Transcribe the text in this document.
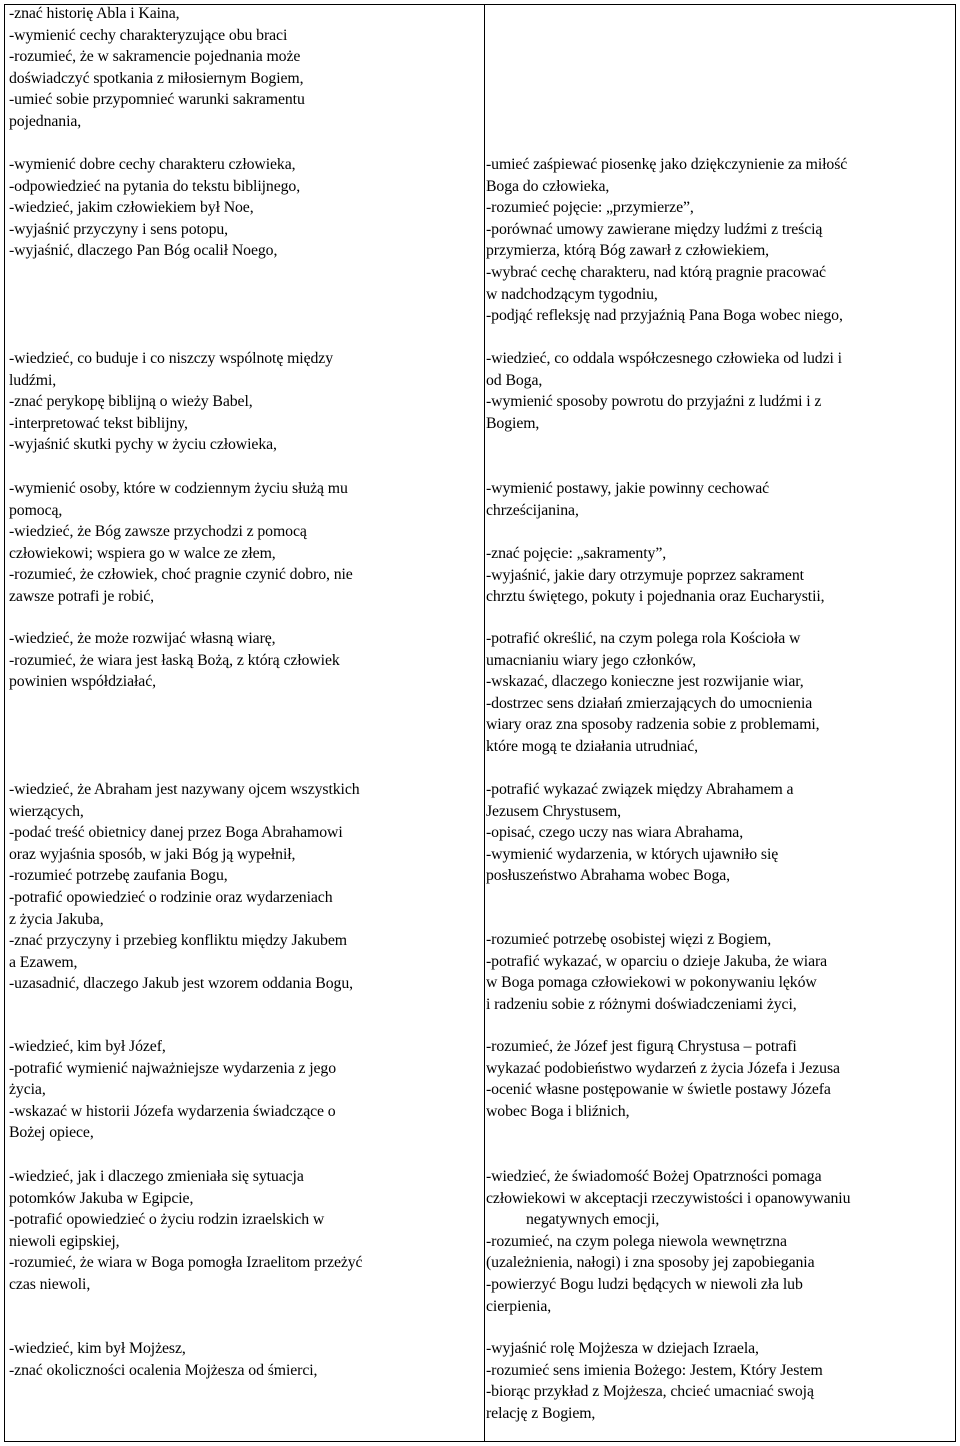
-znać historię Abla i Kaina,
-wymienić cechy charakteryzujące obu braci
-rozumieć, że w sakramencie pojednania może
doświadczyć spotkania z miłosiernym Bogiem,
-umieć sobie przypomnieć warunki sakramentu
pojednania,
-wymienić dobre cechy charakteru człowieka,
-odpowiedzieć na pytania do tekstu biblijnego,
-wiedzieć, jakim człowiekiem był Noe,
-wyjaśnić przyczyny i sens potopu,
-wyjaśnić, dlaczego Pan Bóg ocalił Noego,
-wiedzieć, co buduje i co niszczy wspólnotę między
ludźmi,
-znać perykopę biblijną o wieży Babel,
-interpretować tekst biblijny,
-wyjaśnić skutki pychy w życiu człowieka,
-wymienić osoby, które w codziennym życiu służą mu
pomocą,
-wiedzieć, że Bóg zawsze przychodzi z pomocą
człowiekowi; wspiera go w walce ze złem,
-rozumieć, że człowiek, choć pragnie czynić dobro, nie
zawsze potrafi je robić,
-wiedzieć, że może rozwijać własną wiarę,
-rozumieć, że wiara jest łaską Bożą, z którą człowiek
powinien współdziałać,
-wiedzieć, że Abraham jest nazywany ojcem wszystkich
wierzących,
-podać treść obietnicy danej przez Boga Abrahamowi
oraz wyjaśnia sposób, w jaki Bóg ją wypełnił,
-rozumieć potrzebę zaufania Bogu,
-potrafić opowiedzieć o rodzinie oraz wydarzeniach
z życia Jakuba,
-znać przyczyny i przebieg konfliktu między Jakubem
a Ezawem,
-uzasadnić, dlaczego Jakub jest wzorem oddania Bogu,
-wiedzieć, kim był Józef,
-potrafić wymienić najważniejsze wydarzenia z jego
życia,
-wskazać w historii Józefa wydarzenia świadczące o
Bożej opiece,
-wiedzieć, jak i dlaczego zmieniała się sytuacja
potomków Jakuba w Egipcie,
-potrafić opowiedzieć o życiu rodzin izraelskich w
niewoli egipskiej,
-rozumieć, że wiara w Boga pomogła Izraelitom przeżyć
czas niewoli,
-wiedzieć, kim był Mojżesz,
-znać okoliczności ocalenia Mojżesza od śmierci,
-umieć zaśpiewać piosenkę jako dziękczynienie za miłość
Boga do człowieka,
-rozumieć pojęcie: „przymierze”,
-porównać umowy zawierane między ludźmi z treścią
przymierza, którą Bóg zawarł z człowiekiem,
-wybrać cechę charakteru, nad którą pragnie pracować
w nadchodzącym tygodniu,
-podjąć refleksję nad przyjaźnią Pana Boga wobec niego,
-wiedzieć, co oddala współczesnego człowieka od ludzi i
od Boga,
-wymienić sposoby powrotu do przyjaźni z ludźmi i z
Bogiem,
-wymienić postawy, jakie powinny cechować
chrześcijanina,
-znać pojęcie: „sakramenty”,
-wyjaśnić, jakie dary otrzymuje poprzez sakrament
chrztu świętego, pokuty i pojednania oraz Eucharystii,
-potrafić określić, na czym polega rola Kościoła w
umacnianiu wiary jego członków,
-wskazać, dlaczego konieczne jest rozwijanie wiar,
-dostrzec sens działań zmierzających do umocnienia
wiary oraz zna sposoby radzenia sobie z problemami,
które mogą te działania utrudniać,
-potrafić wykazać związek między Abrahamem a
Jezusem Chrystusem,
-opisać, czego uczy nas wiara Abrahama,
-wymienić wydarzenia, w których ujawniło się
posłuszeństwo Abrahama wobec Boga,
-rozumieć potrzebę osobistej więzi z Bogiem,
-potrafić wykazać, w oparciu o dzieje Jakuba, że wiara
w Boga pomaga człowiekowi w pokonywaniu lęków
i radzeniu sobie z różnymi doświadczeniami życi,
-rozumieć, że Józef jest figurą Chrystusa – potrafi
wykazać podobieństwo wydarzeń z życia Józefa i Jezusa
-ocenić własne postępowanie w świetle postawy Józefa
wobec Boga i bliźnich,
-wiedzieć, że świadomość Bożej Opatrzności pomaga
człowiekowi w akceptacji rzeczywistości i opanowywaniu
negatywnych emocji,
-rozumieć, na czym polega niewola wewnętrzna
(uzależnienia, nałogi) i zna sposoby jej zapobiegania
-powierzyć Bogu ludzi będących w niewoli zła lub
cierpienia,
-wyjaśnić rolę Mojżesza w dziejach Izraela,
-rozumieć sens imienia Bożego: Jestem, Który Jestem
-biorąc przykład z Mojżesza, chcieć umacniać swoją
relację z Bogiem,
